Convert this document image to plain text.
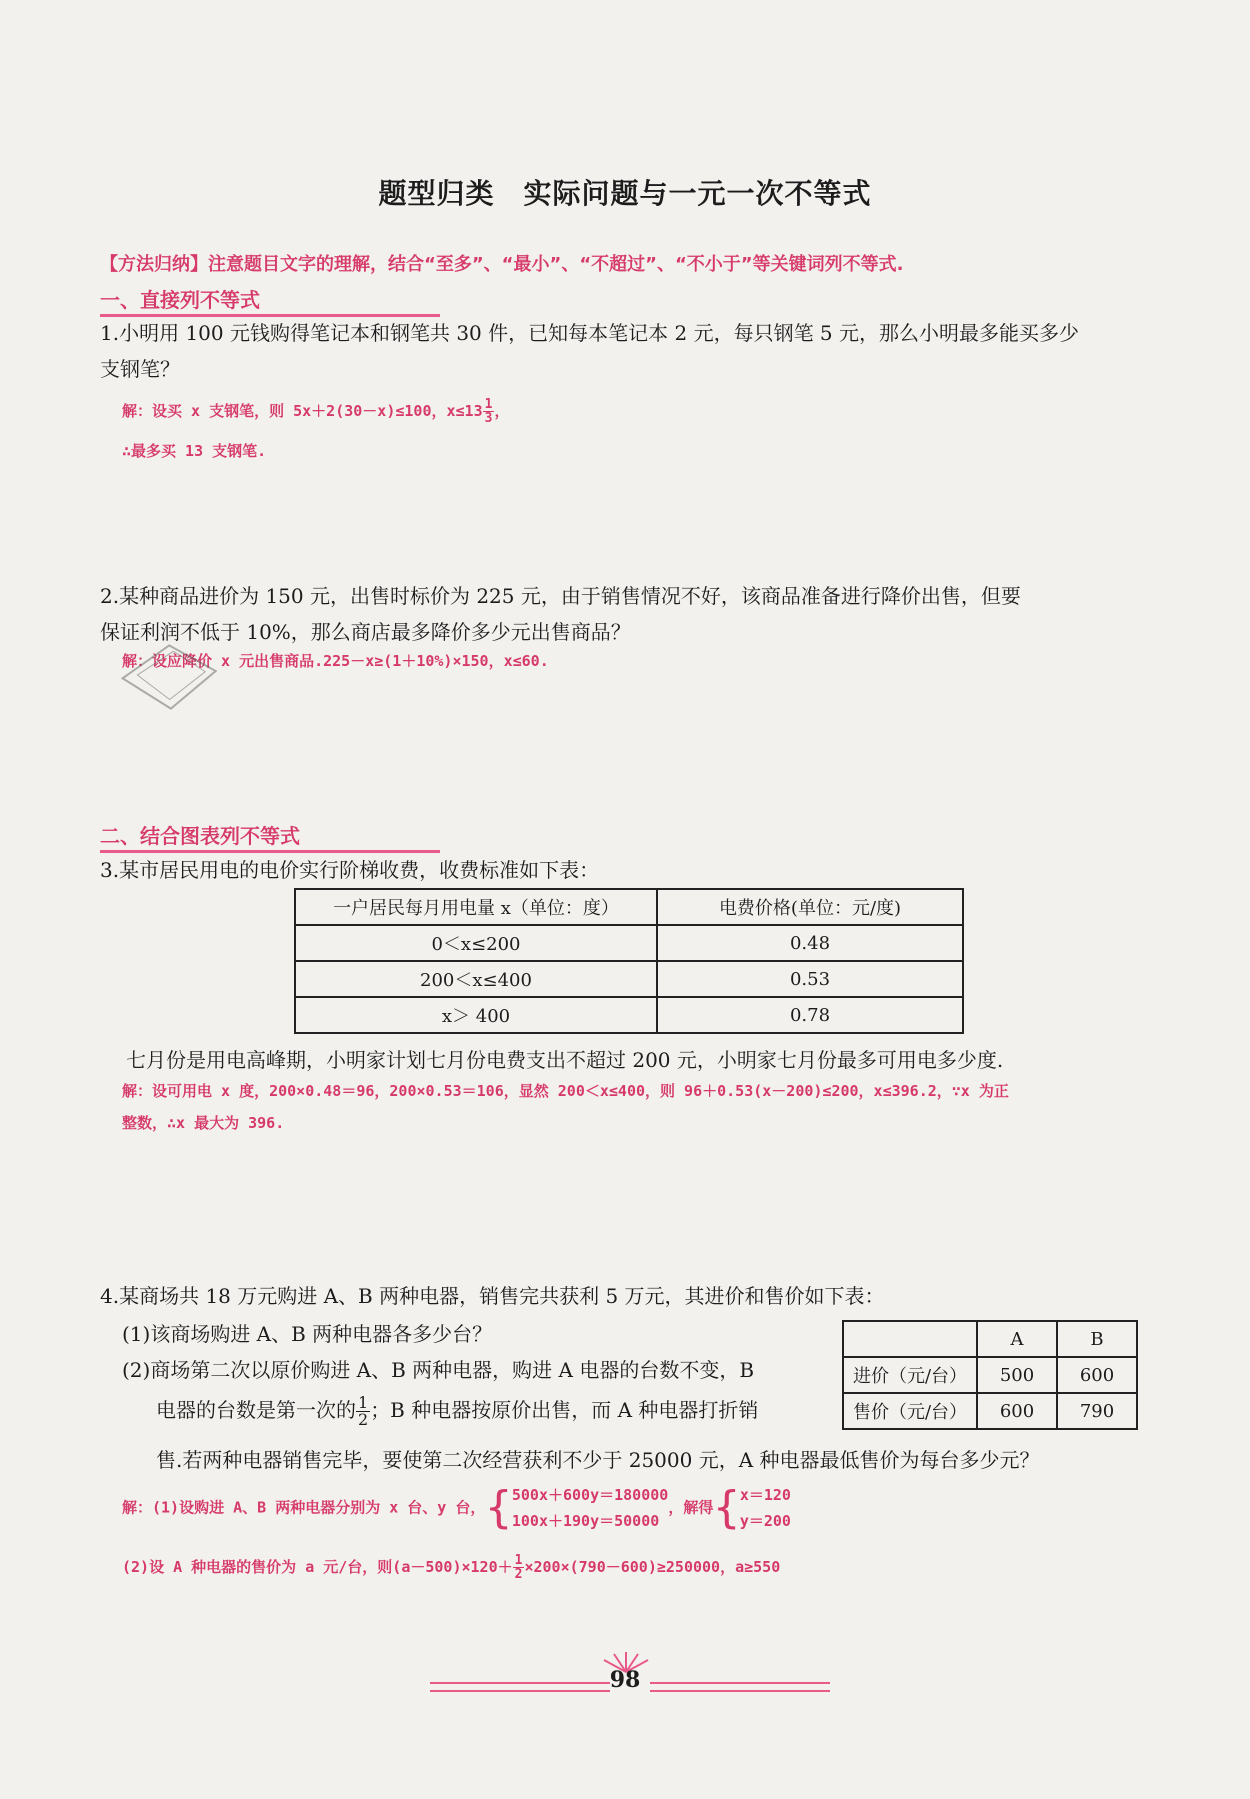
题型归类　实际问题与一元一次不等式
【方法归纳】注意题目文字的理解，结合“至多”、“最小”、“不超过”、“不小于”等关键词列不等式.
一、直接列不等式
1.小明用 100 元钱购得笔记本和钢笔共 30 件，已知每本笔记本 2 元，每只钢笔 5 元，那么小明最多能买多少
支钢笔？
解：设买 x 支钢笔，则 5x＋2(30－x)≤100，$x\le 13 \frac{1}{3}$ ，
∴最多买 13 支钢笔.
2.某种商品进价为 150 元，出售时标价为 225 元，由于销售情况不好，该商品准备进行降价出售，但要
保证利润不低于 10%，那么商店最多降价多少元出售商品？
解：设应降价 x 元出售商品.225－x≥(1＋10%)×150，x≤60.
二、结合图表列不等式
3.某市居民用电的电价实行阶梯收费，收费标准如下表：
一户居民每月用电量 x（单位：度）	电费价格(单位：元/度)
0＜x≤200	0.48
200＜x≤400	0.53
x＞ 400	0.78
七月份是用电高峰期，小明家计划七月份电费支出不超过 200 元，小明家七月份最多可用电多少度.
解：设可用电 x 度，200×0.48＝96，200×0.53＝106，显然 200＜x≤400，则 96＋0.53(x－200)≤200，x≤396.2，∵x 为正
整数，∴x 最大为 396.
4.某商场共 18 万元购进 A、B 两种电器，销售完共获利 5 万元，其进价和售价如下表：
(1)该商场购进 A、B 两种电器各多少台？
(2)商场第二次以原价购进 A、B 两种电器，购进 A 电器的台数不变，B
电器的台数是第一次的 $\frac{1}{2}$ ；B 种电器按原价出售，而 A 种电器打折销
售.若两种电器销售完毕，要使第二次经营获利不少于 25000 元，A 种电器最低售价为每台多少元？
	A	B
进价（元/台）	500	600
售价（元/台）	600	790
解：(1)设购进 A、B 两种电器分别为 x 台、y 台，{ 500x＋600y＝180000
100x＋190y＝50000
，解得{ x＝120
y＝200
(2)设 A 种电器的售价为 a 元/台，则$(a-500)\times 120+ \frac{1}{2} \times 200\times(790-600)\ge 250000$，a≥550
98
